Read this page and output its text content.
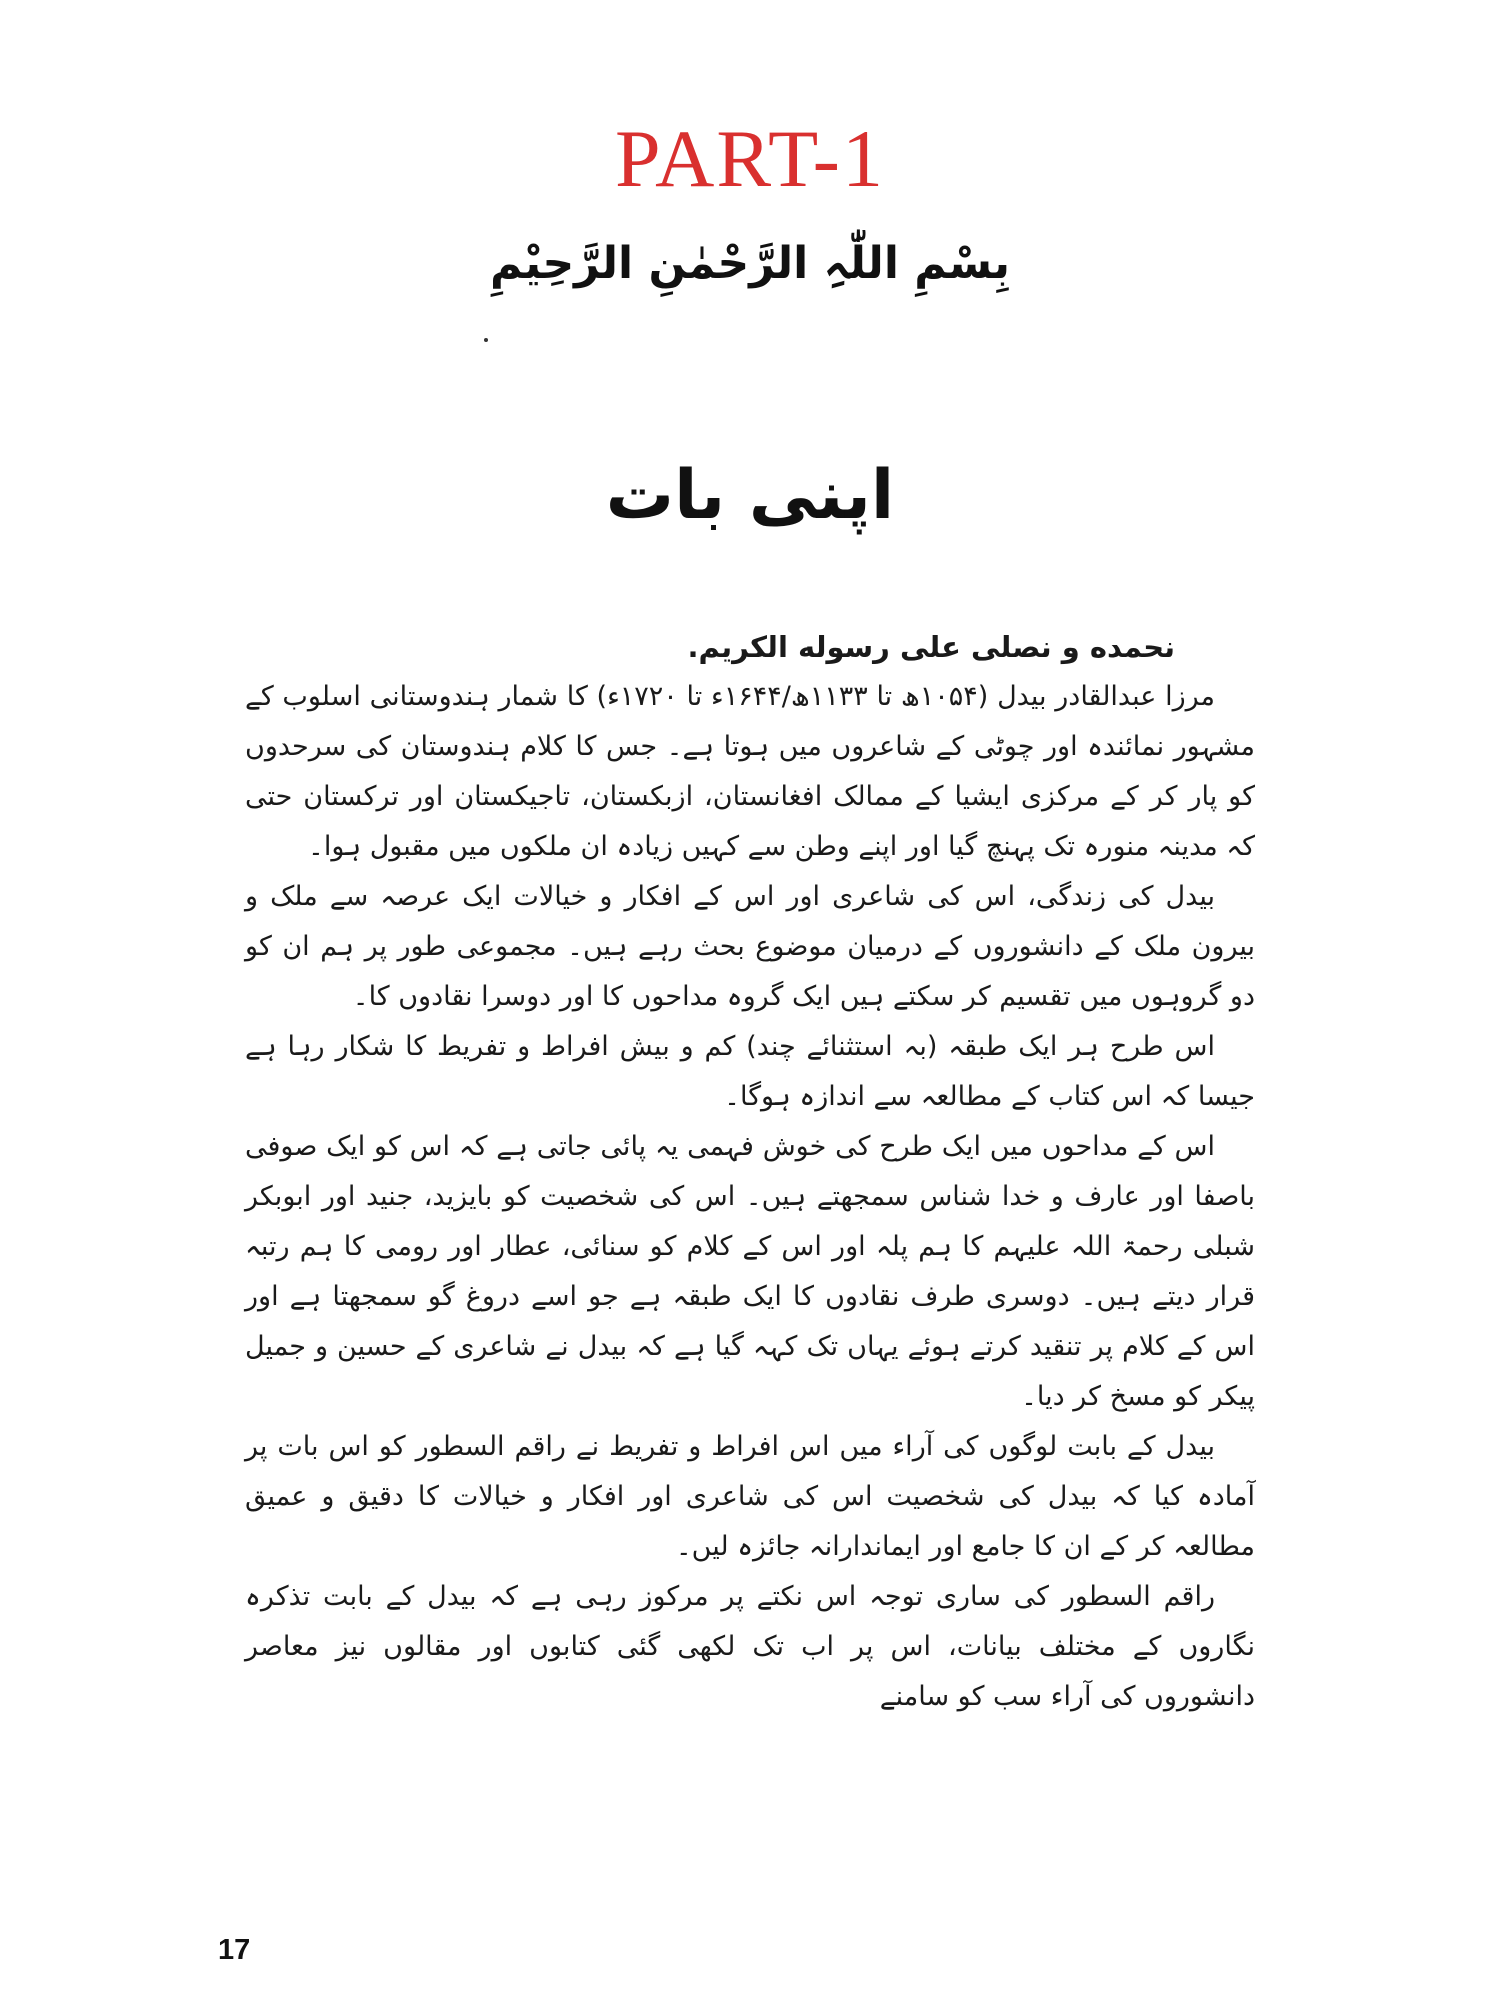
PART-1
بِسْمِ اللّٰہِ الرَّحْمٰنِ الرَّحِیْمِ
اپنی بات

نحمده و نصلی علی رسوله الکریم.

مرزا عبدالقادر بیدل (۱۰۵۴ھ تا ۱۱۳۳ھ/۱۶۴۴ء تا ۱۷۲۰ء) کا شمار ہندوستانی اسلوب کے مشہور نمائندہ اور چوٹی کے شاعروں میں ہوتا ہے۔ جس کا کلام ہندوستان کی سرحدوں کو پار کر کے مرکزی ایشیا کے ممالک افغانستان، ازبکستان، تاجیکستان اور ترکستان حتی کہ مدینہ منورہ تک پہنچ گیا اور اپنے وطن سے کہیں زیادہ ان ملکوں میں مقبول ہوا۔

بیدل کی زندگی، اس کی شاعری اور اس کے افکار و خیالات ایک عرصہ سے ملک و بیرون ملک کے دانشوروں کے درمیان موضوع بحث رہے ہیں۔ مجموعی طور پر ہم ان کو دو گروہوں میں تقسیم کر سکتے ہیں ایک گروہ مداحوں کا اور دوسرا نقادوں کا۔

اس طرح ہر ایک طبقہ (بہ استثنائے چند) کم و بیش افراط و تفریط کا شکار رہا ہے جیسا کہ اس کتاب کے مطالعہ سے اندازہ ہوگا۔

اس کے مداحوں میں ایک طرح کی خوش فہمی یہ پائی جاتی ہے کہ اس کو ایک صوفی باصفا اور عارف و خدا شناس سمجھتے ہیں۔ اس کی شخصیت کو بایزید، جنید اور ابوبکر شبلی رحمۃ اللہ علیہم کا ہم پلہ اور اس کے کلام کو سنائی، عطار اور رومی کا ہم رتبہ قرار دیتے ہیں۔ دوسری طرف نقادوں کا ایک طبقہ ہے جو اسے دروغ گو سمجھتا ہے اور اس کے کلام پر تنقید کرتے ہوئے یہاں تک کہہ گیا ہے کہ بیدل نے شاعری کے حسین و جمیل پیکر کو مسخ کر دیا۔

بیدل کے بابت لوگوں کی آراء میں اس افراط و تفریط نے راقم السطور کو اس بات پر آمادہ کیا کہ بیدل کی شخصیت اس کی شاعری اور افکار و خیالات کا دقیق و عمیق مطالعہ کر کے ان کا جامع اور ایماندارانہ جائزہ لیں۔

راقم السطور کی ساری توجہ اس نکتے پر مرکوز رہی ہے کہ بیدل کے بابت تذکرہ نگاروں کے مختلف بیانات، اس پر اب تک لکھی گئی کتابوں اور مقالوں نیز معاصر دانشوروں کی آراء سب کو سامنے

17
